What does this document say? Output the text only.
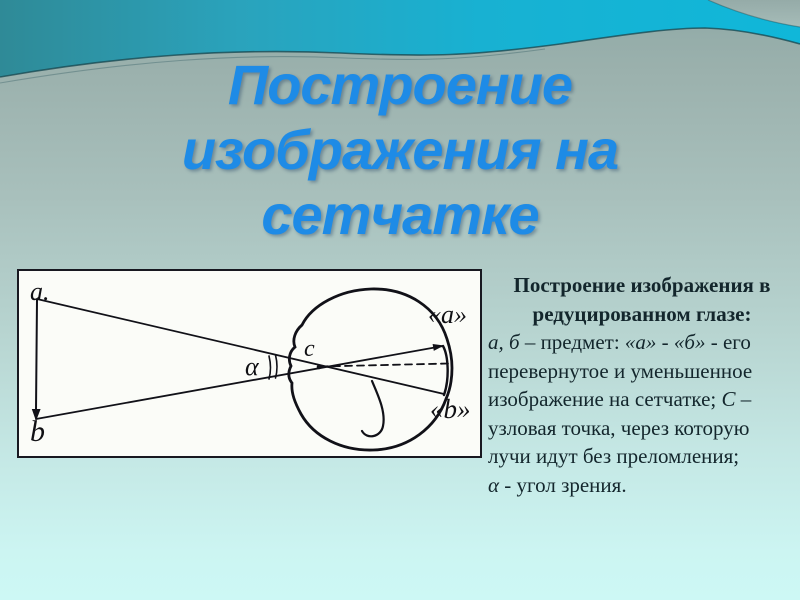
Построение
изображения на
сетчатке
а.
b
α
с
«а»
«b»
Построение изображения в
редуцированном глазе:
а, б – предмет: «а» - «б» - его
перевернутое и уменьшенное
изображение на сетчатке; С –
узловая точка, через которую
лучи идут без преломления;
α - угол зрения.
